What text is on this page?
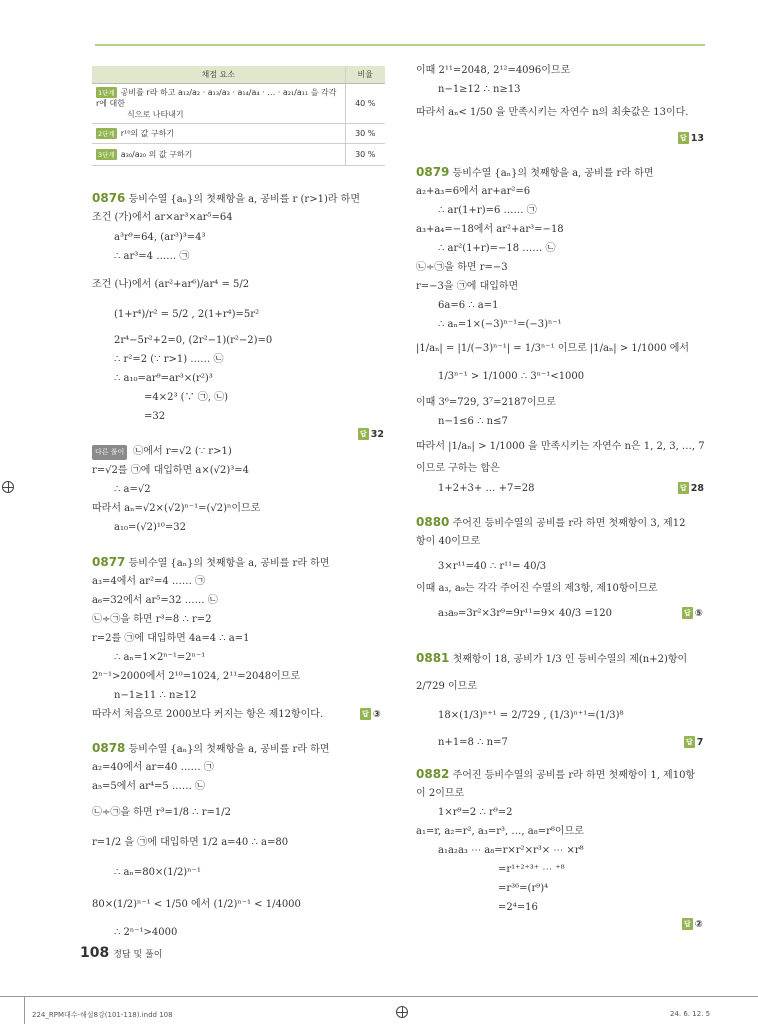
채점 요소	비율
1단계 공비를 r라 하고 a₁₂/a₂ · a₁₃/a₃ · a₁₄/a₄ · … · a₂₁/a₁₁ 을 각각 r에 대한
식으로 나타내기	40 %
2단계 r¹⁰의 값 구하기	30 %
3단계 a₃₀/a₂₀ 의 값 구하기	30 %
0876 등비수열 {aₙ}의 첫째항을 a, 공비를 r (r>1)라 하면
조건 (가)에서 ar×ar³×ar⁵=64
a³r⁹=64, (ar³)³=4³
∴ ar³=4 …… ㉠
조건 (나)에서 (ar²+ar⁶)/ar⁴ = 5/2
(1+r⁴)/r² = 5/2 , 2(1+r⁴)=5r²
2r⁴−5r²+2=0, (2r²−1)(r²−2)=0
∴ r²=2 (∵ r>1) …… ㉡
∴ a₁₀=ar⁹=ar³×(r²)³
=4×2³ (∵ ㉠, ㉡)
=32
답 32
다른 풀이 ㉡에서 r=√2 (∵ r>1)
r=√2를 ㉠에 대입하면 a×(√2)³=4
∴ a=√2
따라서 aₙ=√2×(√2)ⁿ⁻¹=(√2)ⁿ이므로
a₁₀=(√2)¹⁰=32
0877 등비수열 {aₙ}의 첫째항을 a, 공비를 r라 하면
a₃=4에서 ar²=4 …… ㉠
a₆=32에서 ar⁵=32 …… ㉡
㉡÷㉠을 하면 r³=8 ∴ r=2
r=2를 ㉠에 대입하면 4a=4 ∴ a=1
∴ aₙ=1×2ⁿ⁻¹=2ⁿ⁻¹
2ⁿ⁻¹>2000에서 2¹⁰=1024, 2¹¹=2048이므로
n−1≥11 ∴ n≥12
따라서 처음으로 2000보다 커지는 항은 제12항이다.	답 ③
0878 등비수열 {aₙ}의 첫째항을 a, 공비를 r라 하면
a₂=40에서 ar=40 …… ㉠
a₅=5에서 ar⁴=5 …… ㉡
㉡÷㉠을 하면 r³=1/8 ∴ r=1/2
r=1/2 을 ㉠에 대입하면 1/2 a=40 ∴ a=80
∴ aₙ=80×(1/2)ⁿ⁻¹
80×(1/2)ⁿ⁻¹ < 1/50 에서 (1/2)ⁿ⁻¹ < 1/4000
∴ 2ⁿ⁻¹>4000
이때 2¹¹=2048, 2¹²=4096이므로
n−1≥12 ∴ n≥13
따라서 aₙ< 1/50 을 만족시키는 자연수 n의 최솟값은 13이다.
답 13
0879 등비수열 {aₙ}의 첫째항을 a, 공비를 r라 하면
a₂+a₃=6에서 ar+ar²=6
∴ ar(1+r)=6 …… ㉠
a₃+a₄=−18에서 ar²+ar³=−18
∴ ar²(1+r)=−18 …… ㉡
㉡÷㉠을 하면 r=−3
r=−3을 ㉠에 대입하면
6a=6 ∴ a=1
∴ aₙ=1×(−3)ⁿ⁻¹=(−3)ⁿ⁻¹
|1/aₙ| = |1/(−3)ⁿ⁻¹| = 1/3ⁿ⁻¹ 이므로 |1/aₙ| > 1/1000 에서
1/3ⁿ⁻¹ > 1/1000 ∴ 3ⁿ⁻¹<1000
이때 3⁶=729, 3⁷=2187이므로
n−1≤6 ∴ n≤7
따라서 |1/aₙ| > 1/1000 을 만족시키는 자연수 n은 1, 2, 3, …, 7
이므로 구하는 합은
1+2+3+ … +7=28	답 28
0880 주어진 등비수열의 공비를 r라 하면 첫째항이 3, 제12
항이 40이므로
3×r¹¹=40 ∴ r¹¹= 40/3
이때 a₃, a₉는 각각 주어진 수열의 제3항, 제10항이므로
a₃a₉=3r²×3r⁹=9r¹¹=9× 40/3 =120	답 ⑤
0881 첫째항이 18, 공비가 1/3 인 등비수열의 제(n+2)항이
2/729 이므로
18×(1/3)ⁿ⁺¹ = 2/729 , (1/3)ⁿ⁺¹=(1/3)⁸
n+1=8 ∴ n=7	답 7
0882 주어진 등비수열의 공비를 r라 하면 첫째항이 1, 제10항
이 2이므로
1×r⁹=2 ∴ r⁹=2
a₁=r, a₂=r², a₃=r³, …, a₈=r⁸이므로
a₁a₂a₃ ⋯ a₈=r×r²×r³× ⋯ ×r⁸
=r¹⁺²⁺³⁺ ⋯ ⁺⁸
=r³⁶=(r⁹)⁴
=2⁴=16
답 ②
108 정답 및 풀이
224_RPM대수-해설8강(101-118).indd 108	24. 6. 12. 5
